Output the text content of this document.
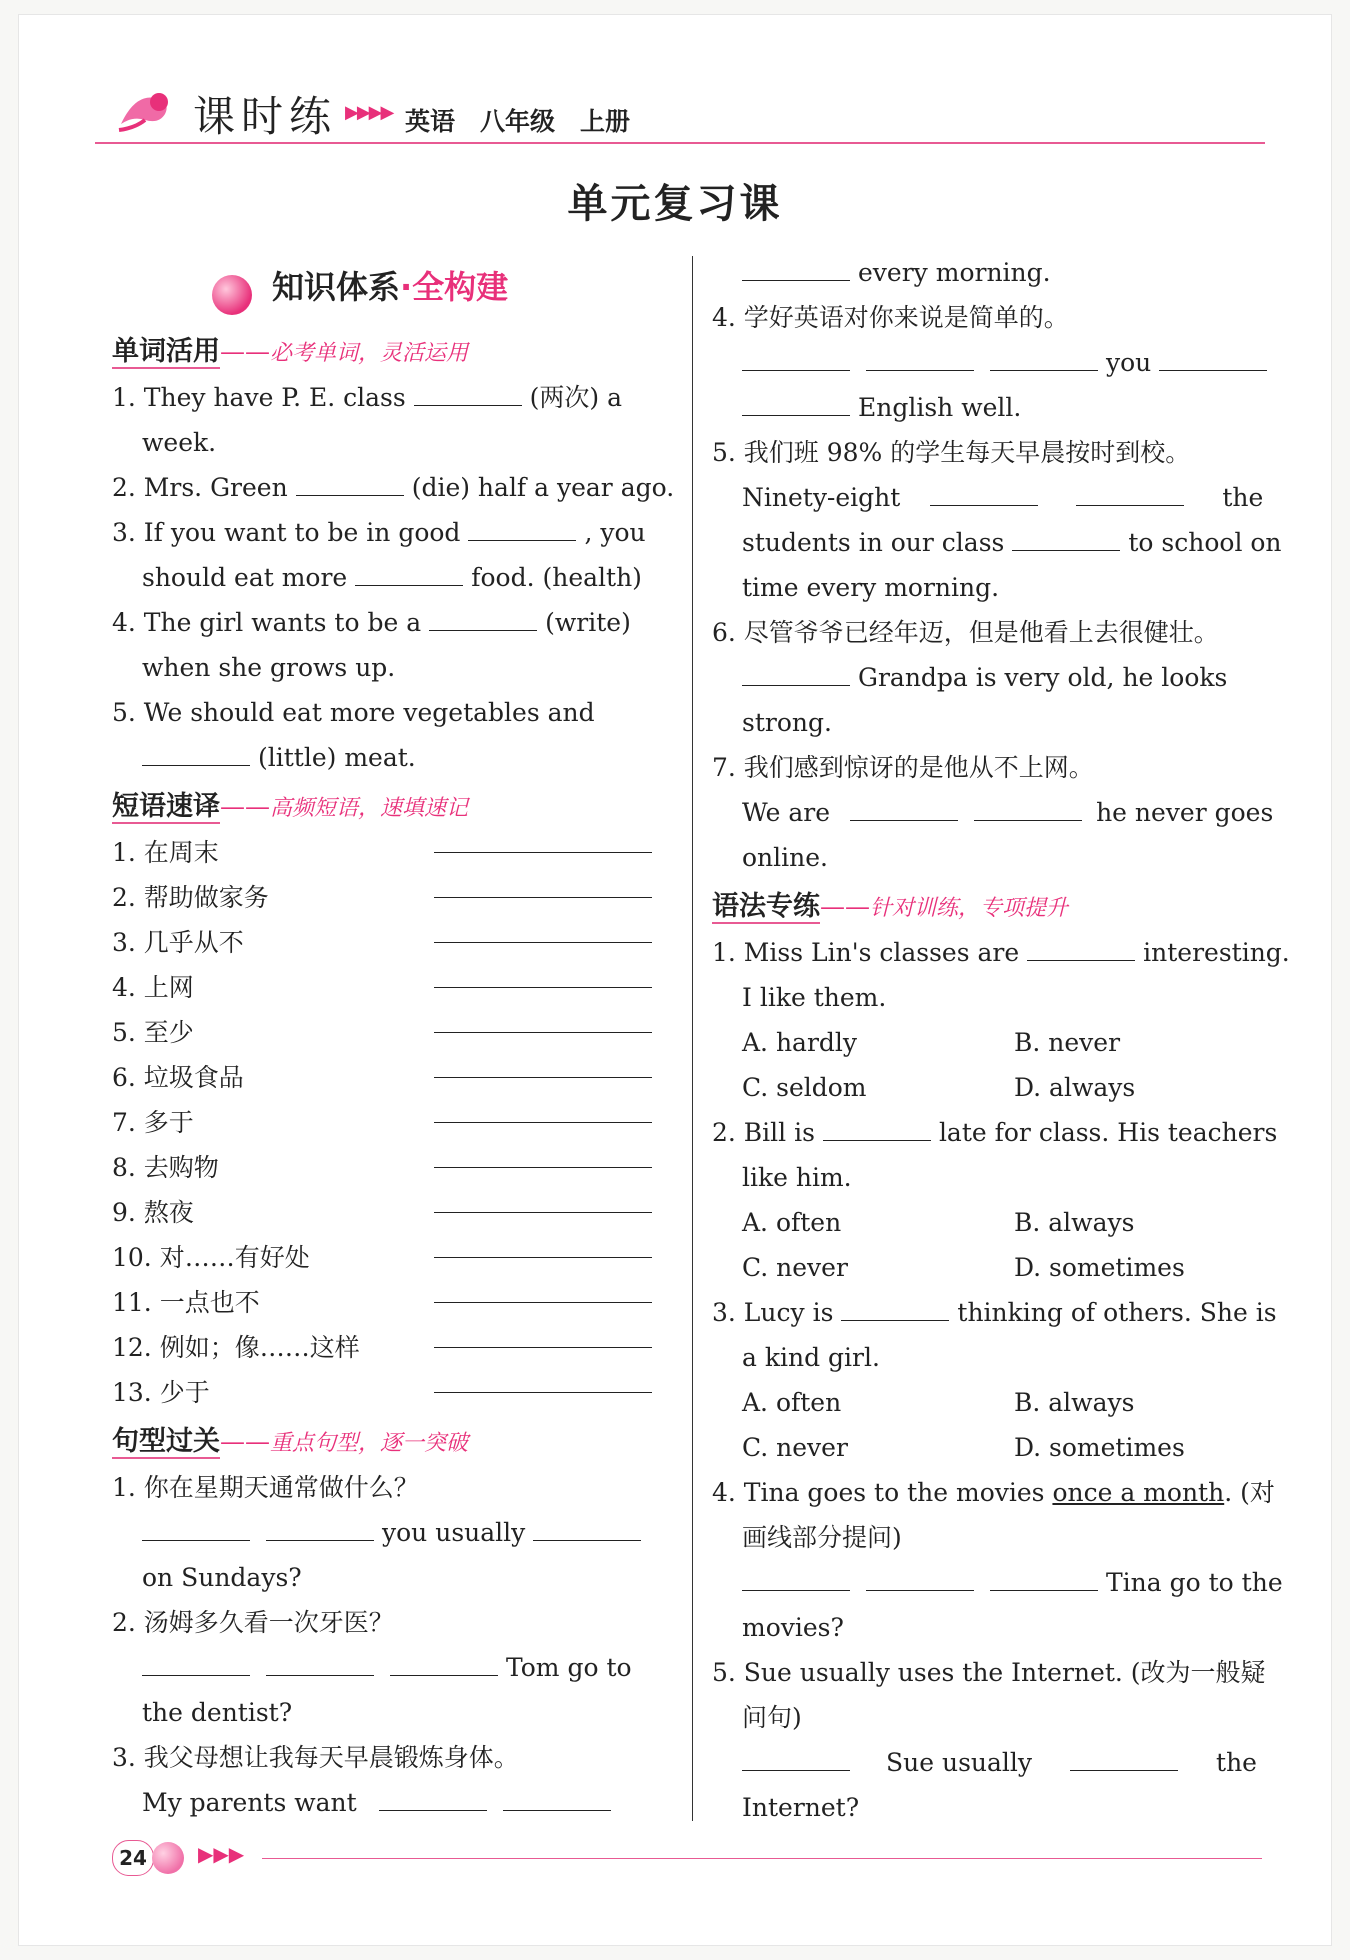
课时练 ▶▶▶▶ 英语　八年级　上册
单元复习课
知识体系·全构建
单词活用——必考单词，灵活运用
1. They have P. E. class	(两次) a
week.
2. Mrs. Green	(die) half a year ago.
3. If you want to be in good	, you
should eat more	food. (health)
4. The girl wants to be a	(write)
when she grows up.
5. We should eat more vegetables and
(little) meat.
短语速译——高频短语，速填速记
1. 在周末
2. 帮助做家务
3. 几乎从不
4. 上网
5. 至少
6. 垃圾食品
7. 多于
8. 去购物
9. 熬夜
10. 对……有好处
11. 一点也不
12. 例如；像……这样
13. 少于
句型过关——重点句型，逐一突破
1. 你在星期天通常做什么？
you usually
on Sundays?
2. 汤姆多久看一次牙医？
Tom go to
the dentist?
3. 我父母想让我每天早晨锻炼身体。
My parents want
every morning.
4. 学好英语对你来说是简单的。
you
English well.
5. 我们班 98% 的学生每天早晨按时到校。
Ninety-eight	the
students in our class	to school on
time every morning.
6. 尽管爷爷已经年迈，但是他看上去很健壮。
Grandpa is very old, he looks
strong.
7. 我们感到惊讶的是他从不上网。
We are	he never goes
online.
语法专练——针对训练，专项提升
1. Miss Lin's classes are	interesting.
I like them.
A. hardly	B. never
C. seldom	D. always
2. Bill is	late for class. His teachers
like him.
A. often	B. always
C. never	D. sometimes
3. Lucy is	thinking of others. She is
a kind girl.
A. often	B. always
C. never	D. sometimes
4. Tina goes to the movies once a month. (对
画线部分提问)
Tina go to the
movies?
5. Sue usually uses the Internet. (改为一般疑
问句)
Sue usually	the
Internet?
24	▶▶▶
